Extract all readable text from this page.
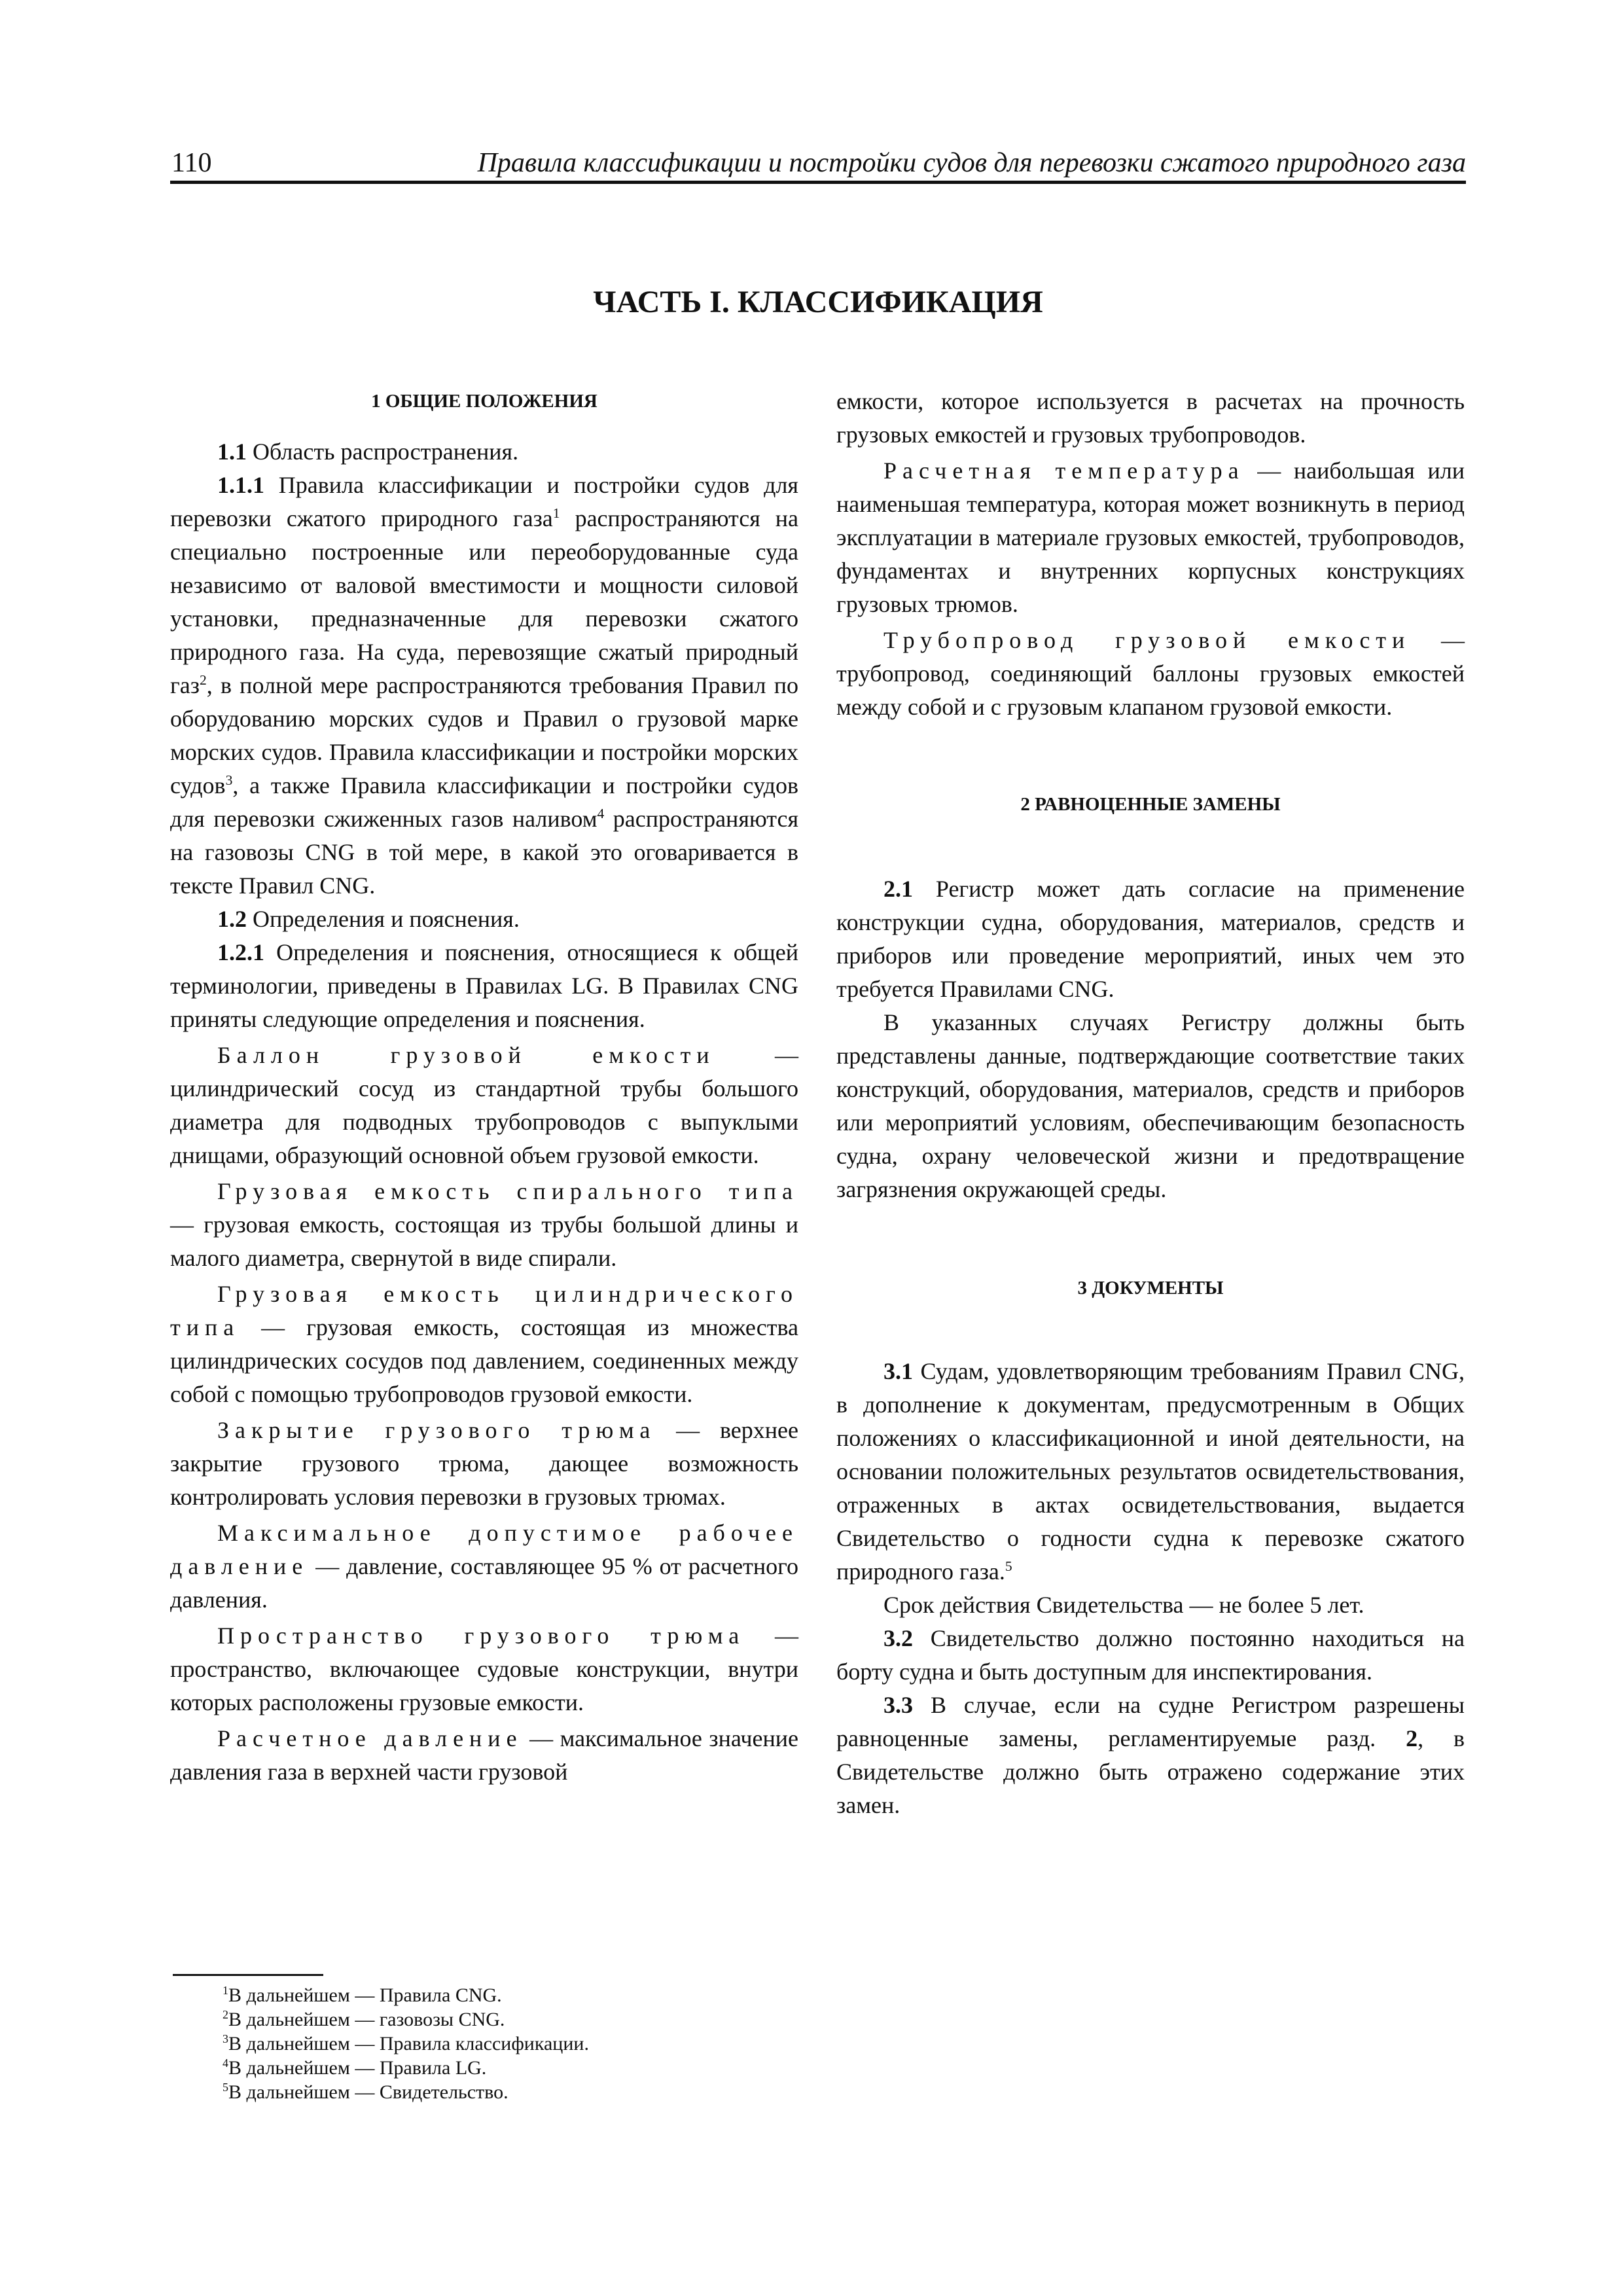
110	Правила классификации и постройки судов для перевозки сжатого природного газа
ЧАСТЬ I. КЛАССИФИКАЦИЯ

1 ОБЩИЕ ПОЛОЖЕНИЯ

1.1 Область распространения.

1.1.1 Правила классификации и постройки судов для перевозки сжатого природного газа$^1$ распространяются на специально построенные или переоборудованные суда независимо от валовой вместимости и мощности силовой установки, предназначенные для перевозки сжатого природного газа. На суда, перевозящие сжатый природный газ$^2$, в полной мере распространяются требования Правил по оборудованию морских судов и Правил о грузовой марке морских судов. Правила классификации и постройки морских судов$^3$, а также Правила классификации и постройки судов для перевозки сжиженных газов наливом$^4$ распространяются на газовозы CNG в той мере, в какой это оговаривается в тексте Правил CNG.

1.2 Определения и пояснения.

1.2.1 Определения и пояснения, относящиеся к общей терминологии, приведены в Правилах LG. В Правилах CNG приняты следующие определения и пояснения.

Баллон грузовой емкости — цилиндрический сосуд из стандартной трубы большого диаметра для подводных трубопроводов с выпуклыми днищами, образующий основной объем грузовой емкости.

Грузовая емкость спирального типа — грузовая емкость, состоящая из трубы большой длины и малого диаметра, свернутой в виде спирали.

Грузовая емкость цилиндрического типа — грузовая емкость, состоящая из множества цилиндрических сосудов под давлением, соединенных между собой с помощью трубопроводов грузовой емкости.

Закрытие грузового трюма — верхнее закрытие грузового трюма, дающее возможность контролировать условия перевозки в грузовых трюмах.

Максимальное допустимое рабочее давление — давление, составляющее 95 % от расчетного давления.

Пространство грузового трюма — пространство, включающее судовые конструкции, внутри которых расположены грузовые емкости.

Расчетное давление — максимальное значение давления газа в верхней части грузовой

емкости, которое используется в расчетах на прочность грузовых емкостей и грузовых трубопроводов.

Расчетная температура — наибольшая или наименьшая температура, которая может возникнуть в период эксплуатации в материале грузовых емкостей, трубопроводов, фундаментах и внутренних корпусных конструкциях грузовых трюмов.

Трубопровод грузовой емкости — трубопровод, соединяющий баллоны грузовых емкостей между собой и с грузовым клапаном грузовой емкости.

2 РАВНОЦЕННЫЕ ЗАМЕНЫ

2.1 Регистр может дать согласие на применение конструкции судна, оборудования, материалов, средств и приборов или проведение мероприятий, иных чем это требуется Правилами CNG.

В указанных случаях Регистру должны быть представлены данные, подтверждающие соответствие таких конструкций, оборудования, материалов, средств и приборов или мероприятий условиям, обеспечивающим безопасность судна, охрану человеческой жизни и предотвращение загрязнения окружающей среды.

3 ДОКУМЕНТЫ

3.1 Судам, удовлетворяющим требованиям Правил CNG, в дополнение к документам, предусмотренным в Общих положениях о классификационной и иной деятельности, на основании положительных результатов освидетельствования, отраженных в актах освидетельствования, выдается Свидетельство о годности судна к перевозке сжатого природного газа.$^5$

Срок действия Свидетельства — не более 5 лет.

3.2 Свидетельство должно постоянно находиться на борту судна и быть доступным для инспектирования.

3.3 В случае, если на судне Регистром разрешены равноценные замены, регламентируемые разд. 2, в Свидетельстве должно быть отражено содержание этих замен.

$^1$В дальнейшем — Правила CNG.
$^2$В дальнейшем — газовозы CNG.
$^3$В дальнейшем — Правила классификации.
$^4$В дальнейшем — Правила LG.
$^5$В дальнейшем — Свидетельство.
